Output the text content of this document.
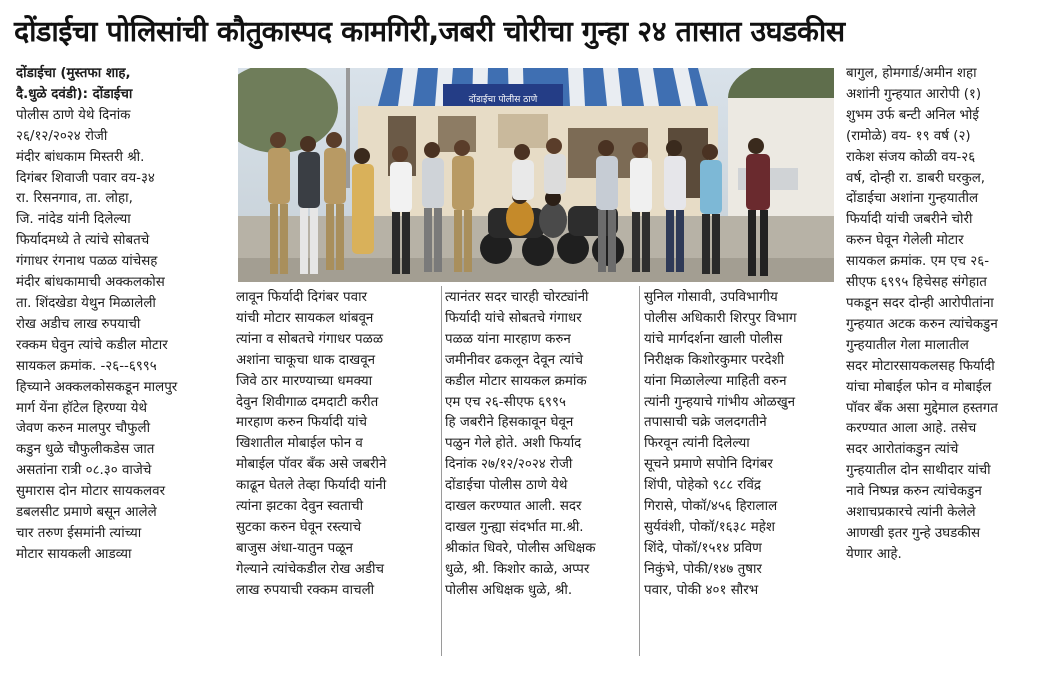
दोंडाईचा पोलिसांची कौतुकास्पद कामगिरी,जबरी चोरीचा गुन्हा २४ तासात उघडकीस
दोंडाईचा (मुस्तफा शाह,
दै.धुळे दवंडी): दोंडाईचा
पोलीस ठाणे येथे दिनांक
२६/१२/२०२४ रोजी
मंदीर बांधकाम मिस्तरी श्री.
दिगंबर शिवाजी पवार वय-३४
रा. रिसनगाव, ता. लोहा,
जि. नांदेड यांनी दिलेल्या
फिर्यादमध्ये ते त्यांचे सोबतचे
गंगाधर रंगनाथ पळळ यांचेसह
मंदीर बांधकामाची अक्कलकोस
ता. शिंदखेडा येथुन मिळालेली
रोख अडीच लाख रुपयाची
रक्कम घेवुन त्यांचे कडील मोटार
सायकल क्रमांक. -२६--६९९५
हिच्याने अक्कलकोसकडून मालपुर
मार्ग येंना हॉटेल हिरण्या येथे
जेवण करुन मालपुर चौफुली
कडुन धुळे चौफुलीकडेस जात
असतांना रात्री ०८.३० वाजेचे
सुमारास दोन मोटार सायकलवर
डबलसीट प्रमाणे बसून आलेले
चार तरुण ईसमांनी त्यांच्या
मोटार सायकली आडव्या
दोंडाईचा पोलीस ठाणे
लावून फिर्यादी दिगंबर पवार
यांची मोटार सायकल थांबवून
त्यांना व सोबतचे गंगाधर पळळ
अशांना चाकूचा धाक दाखवून
जिवे ठार मारण्याच्या धमक्या
देवुन शिवीगाळ दमदाटी करीत
मारहाण करुन फिर्यादी यांचे
खिशातील मोबाईल फोन व
मोबाईल पॉवर बँक असे जबरीने
काढून घेतले तेव्हा फिर्यादी यांनी
त्यांना झटका देवुन स्वताची
सुटका करुन घेवून रस्त्याचे
बाजुस अंधा-यातुन पळून
गेल्याने त्यांचेकडील रोख अडीच
लाख रुपयाची रक्कम वाचली
त्यानंतर सदर चारही चोरट्यांनी
फिर्यादी यांचे सोबतचे गंगाधर
पळळ यांना मारहाण करुन
जमीनीवर ढकलून देवून त्यांचे
कडील मोटार सायकल क्रमांक
एम एच २६-सीएफ ६९९५
हि जबरीने हिसकावून घेवून
पळुन गेले होते. अशी फिर्याद
दिनांक २७/१२/२०२४ रोजी
दोंडाईचा पोलीस ठाणे येथे
दाखल करण्यात आली. सदर
दाखल गुन्ह्या संदर्भात मा.श्री.
श्रीकांत धिवरे, पोलीस अधिक्षक
धुळे, श्री. किशोर काळे, अप्पर
पोलीस अधिक्षक धुळे, श्री.
सुनिल गोसावी, उपविभागीय
पोलीस अधिकारी शिरपुर विभाग
यांचे मार्गदर्शना खाली पोलीस
निरीक्षक किशोरकुमार परदेशी
यांना मिळालेल्या माहिती वरुन
त्यांनी गुन्हयाचे गांभीय ओळखुन
तपासाची चक्रे जलदगतीने
फिरवून त्यांनी दिलेल्या
सूचने प्रमाणे सपोनि दिगंबर
शिंपी, पोहेको ९८८ रविंद्र
गिरासे, पोकॉ/४५६ हिरालाल
सुर्यवंशी, पोकॉ/१६३८ महेश
शिंदे, पोकॉ/१५१४ प्रविण
निकुंभे, पोकी/१४७ तुषार
पवार, पोकी ४०१ सौरभ
बागुल, होमगार्ड/अमीन शहा
अशांनी गुन्हयात आरोपी (१)
शुभम उर्फ बन्टी अनिल भोई
(रामोळे) वय- १९ वर्ष (२)
राकेश संजय कोळी वय-२६
वर्ष, दोन्ही रा. डाबरी घरकुल,
दोंडाईचा अशांना गुन्हयातील
फिर्यादी यांची जबरीने चोरी
करुन घेवून गेलेली मोटार
सायकल क्रमांक. एम एच २६-
सीएफ ६९९५ हिचेसह संगेहात
पकडून सदर दोन्ही आरोपीतांना
गुन्हयात अटक करुन त्यांचेकडुन
गुन्हयातील गेला मालातील
सदर मोटारसायकलसह फिर्यादी
यांचा मोबाईल फोन व मोबाईल
पॉवर बँक असा मुद्देमाल हस्तगत
करण्यात आला आहे. तसेच
सदर आरोतांकडुन त्यांचे
गुन्हयातील दोन साथीदार यांची
नावे निष्पन्न करुन त्यांचेकडुन
अशाचप्रकारचे त्यांनी केलेले
आणखी इतर गुन्हे उघडकीस
येणार आहे.
